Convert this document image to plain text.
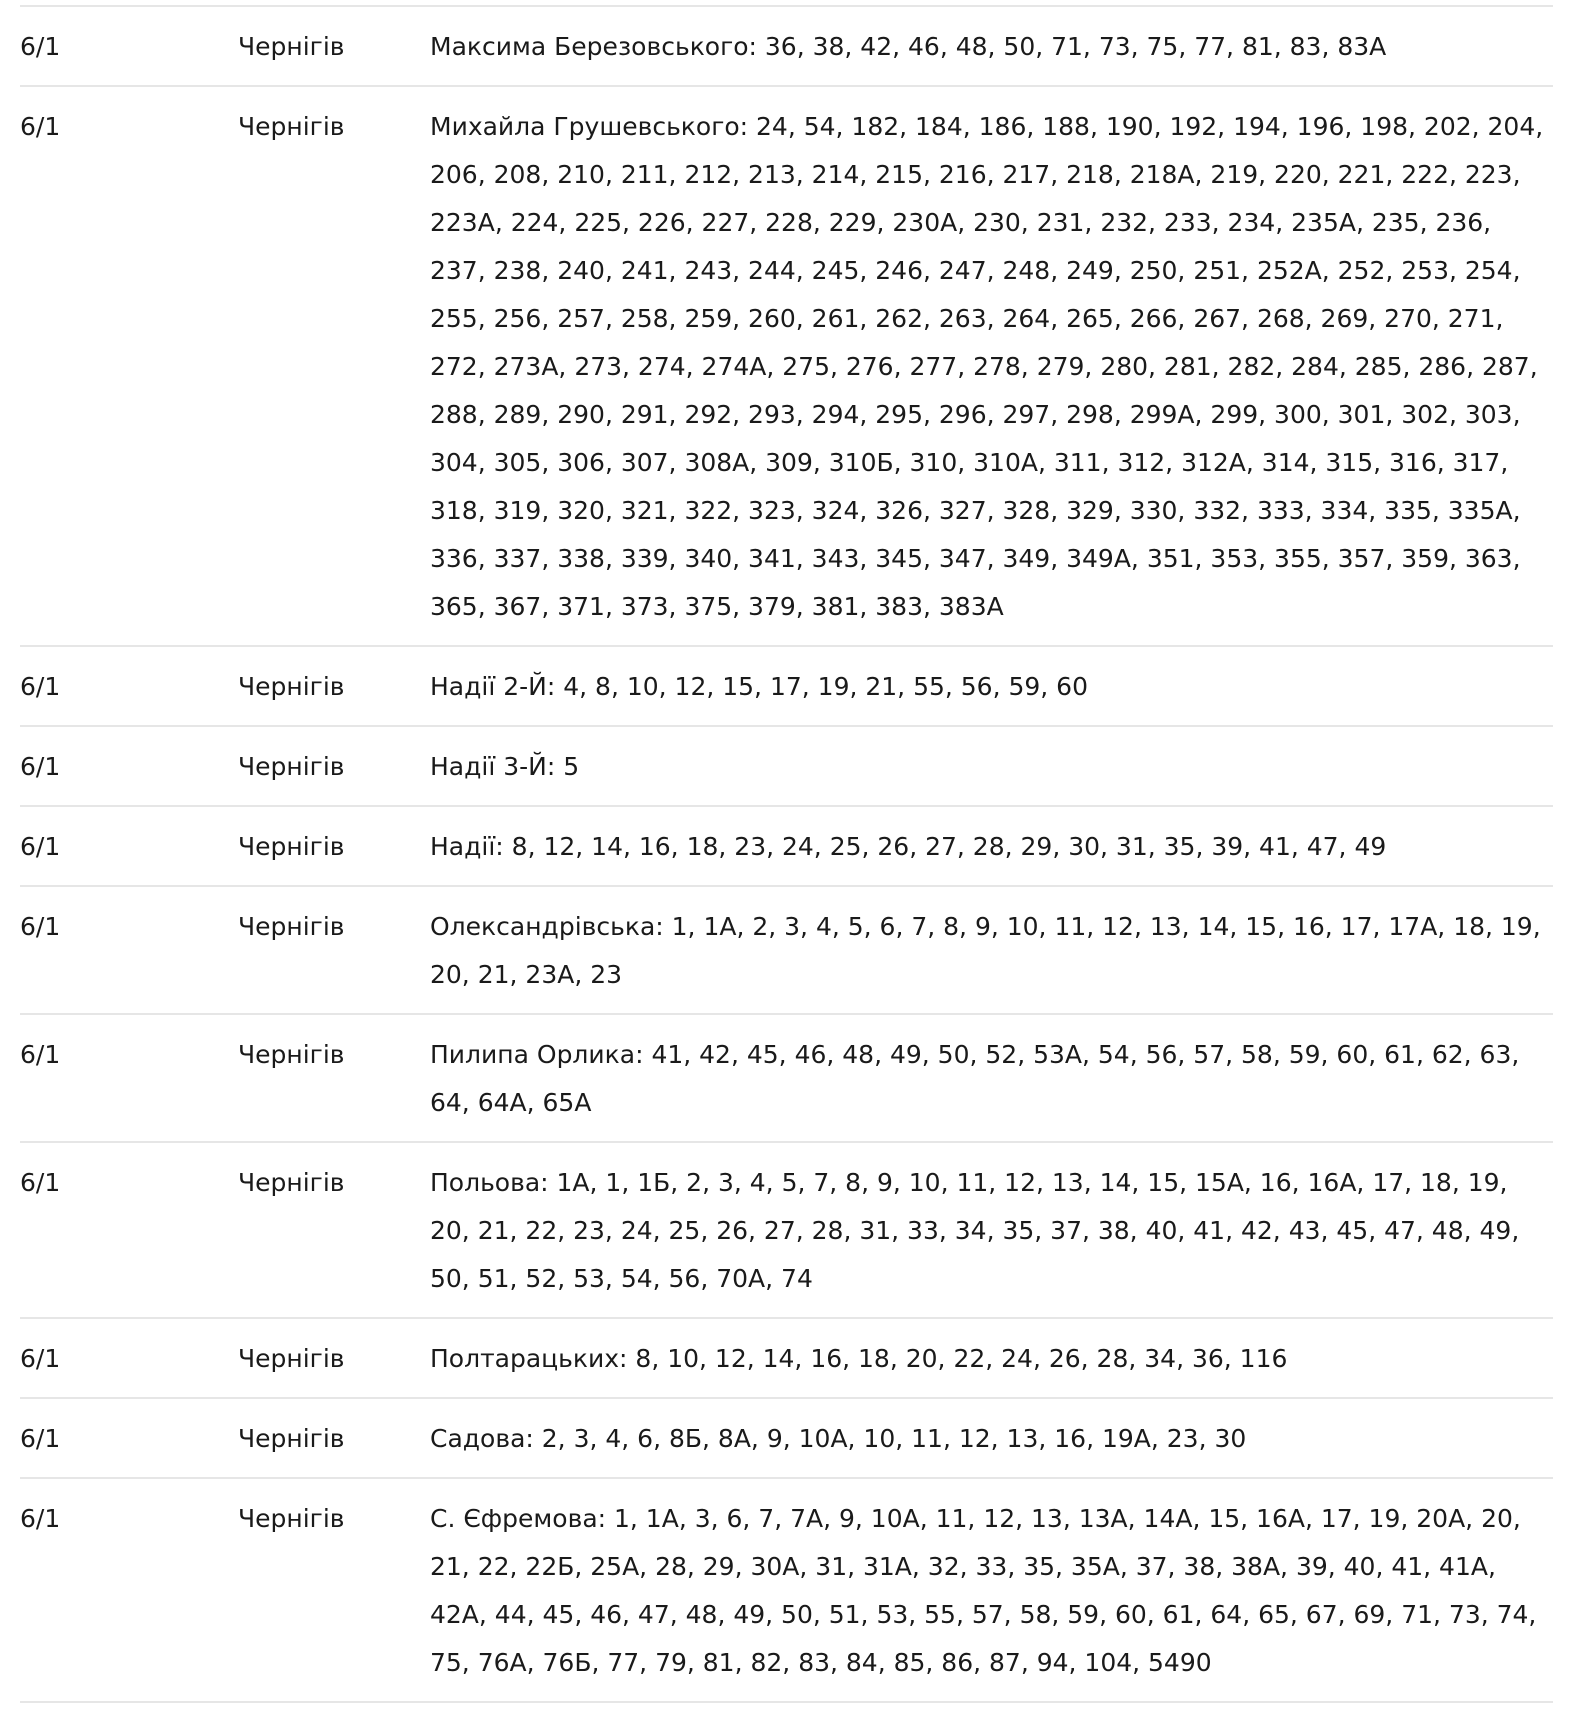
6/1	Чернігів	Максима Березовського: 36, 38, 42, 46, 48, 50, 71, 73, 75, 77, 81, 83, 83А
6/1	Чернігів	Михайла Грушевського: 24, 54, 182, 184, 186, 188, 190, 192, 194, 196, 198, 202, 204, 206, 208, 210, 211, 212, 213, 214, 215, 216, 217, 218, 218А, 219, 220, 221, 222, 223, 223А, 224, 225, 226, 227, 228, 229, 230А, 230, 231, 232, 233, 234, 235А, 235, 236, 237, 238, 240, 241, 243, 244, 245, 246, 247, 248, 249, 250, 251, 252А, 252, 253, 254, 255, 256, 257, 258, 259, 260, 261, 262, 263, 264, 265, 266, 267, 268, 269, 270, 271, 272, 273А, 273, 274, 274А, 275, 276, 277, 278, 279, 280, 281, 282, 284, 285, 286, 287, 288, 289, 290, 291, 292, 293, 294, 295, 296, 297, 298, 299А, 299, 300, 301, 302, 303, 304, 305, 306, 307, 308А, 309, 310Б, 310, 310А, 311, 312, 312А, 314, 315, 316, 317, 318, 319, 320, 321, 322, 323, 324, 326, 327, 328, 329, 330, 332, 333, 334, 335, 335А, 336, 337, 338, 339, 340, 341, 343, 345, 347, 349, 349А, 351, 353, 355, 357, 359, 363, 365, 367, 371, 373, 375, 379, 381, 383, 383А
6/1	Чернігів	Надії 2-Й: 4, 8, 10, 12, 15, 17, 19, 21, 55, 56, 59, 60
6/1	Чернігів	Надії 3-Й: 5
6/1	Чернігів	Надії: 8, 12, 14, 16, 18, 23, 24, 25, 26, 27, 28, 29, 30, 31, 35, 39, 41, 47, 49
6/1	Чернігів	Олександрівська: 1, 1А, 2, 3, 4, 5, 6, 7, 8, 9, 10, 11, 12, 13, 14, 15, 16, 17, 17А, 18, 19, 20, 21, 23А, 23
6/1	Чернігів	Пилипа Орлика: 41, 42, 45, 46, 48, 49, 50, 52, 53А, 54, 56, 57, 58, 59, 60, 61, 62, 63, 64, 64А, 65А
6/1	Чернігів	Польова: 1А, 1, 1Б, 2, 3, 4, 5, 7, 8, 9, 10, 11, 12, 13, 14, 15, 15А, 16, 16А, 17, 18, 19, 20, 21, 22, 23, 24, 25, 26, 27, 28, 31, 33, 34, 35, 37, 38, 40, 41, 42, 43, 45, 47, 48, 49, 50, 51, 52, 53, 54, 56, 70А, 74
6/1	Чернігів	Полтарацьких: 8, 10, 12, 14, 16, 18, 20, 22, 24, 26, 28, 34, 36, 116
6/1	Чернігів	Садова: 2, 3, 4, 6, 8Б, 8А, 9, 10А, 10, 11, 12, 13, 16, 19А, 23, 30
6/1	Чернігів	С. Єфремова: 1, 1А, 3, 6, 7, 7А, 9, 10А, 11, 12, 13, 13А, 14А, 15, 16А, 17, 19, 20А, 20, 21, 22, 22Б, 25А, 28, 29, 30А, 31, 31А, 32, 33, 35, 35А, 37, 38, 38А, 39, 40, 41, 41А, 42А, 44, 45, 46, 47, 48, 49, 50, 51, 53, 55, 57, 58, 59, 60, 61, 64, 65, 67, 69, 71, 73, 74, 75, 76А, 76Б, 77, 79, 81, 82, 83, 84, 85, 86, 87, 94, 104, 5490
